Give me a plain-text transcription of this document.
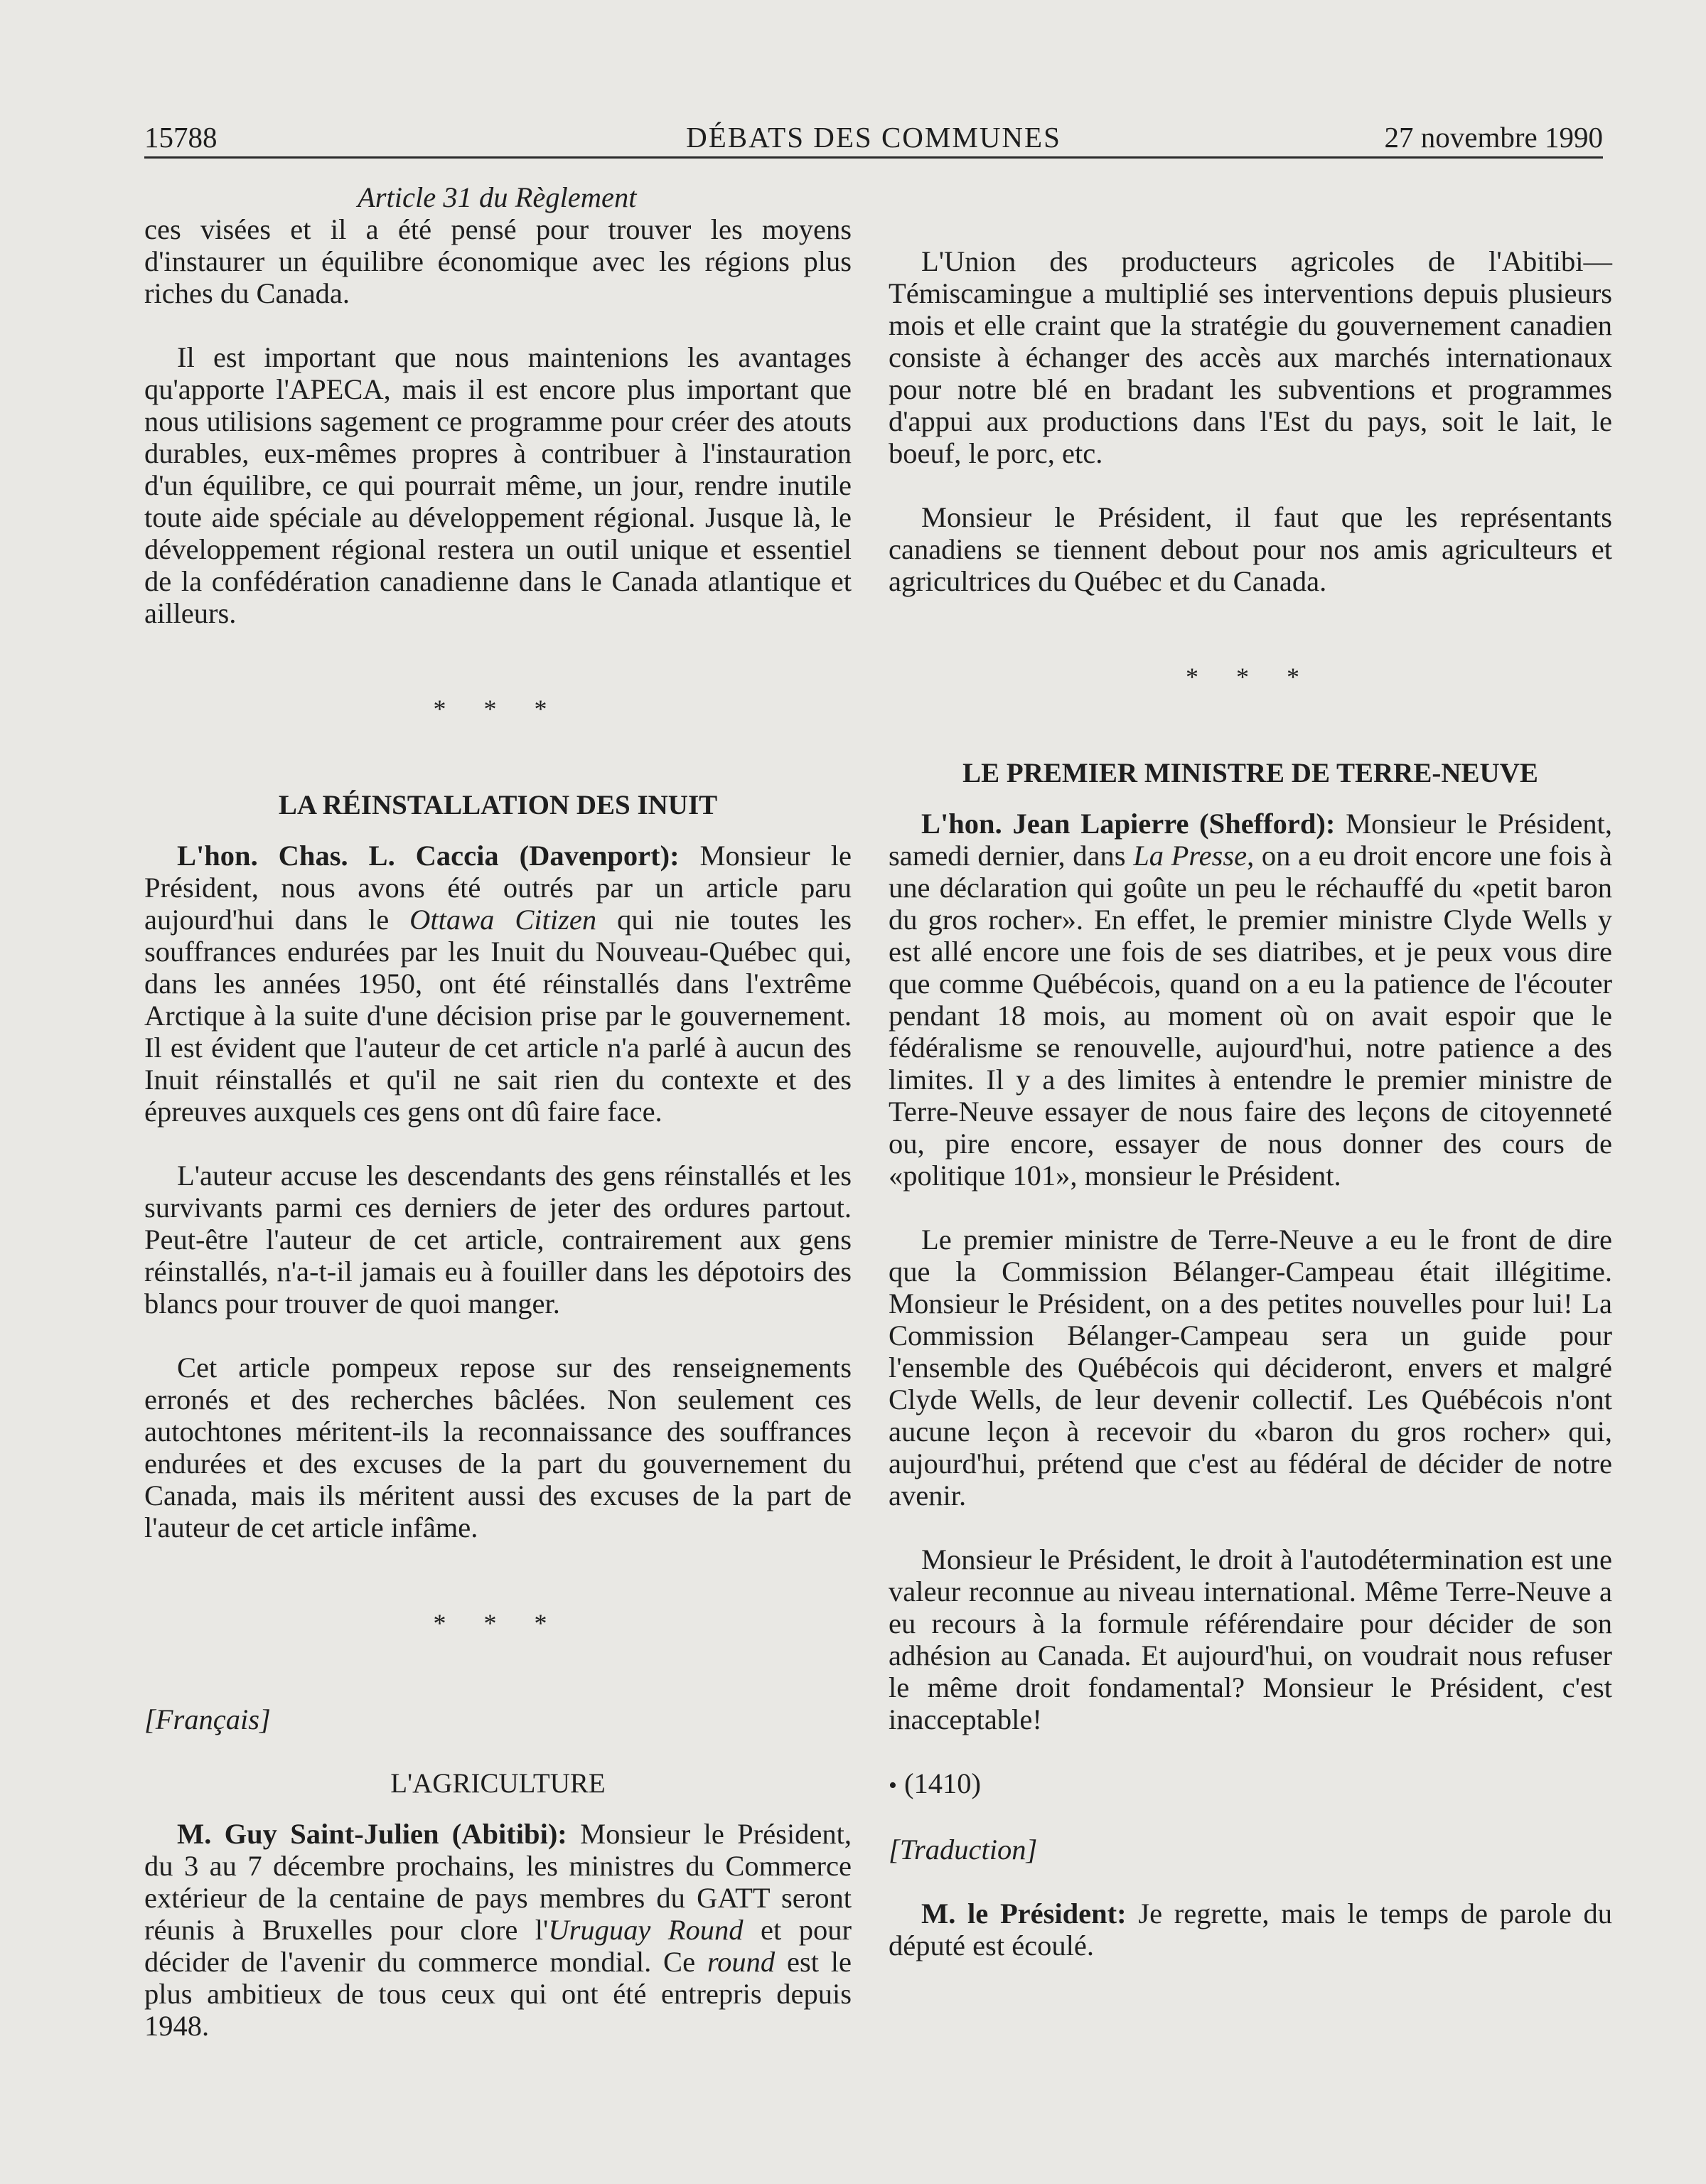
15788	DÉBATS DES COMMUNES	27 novembre 1990

Article 31 du Règlement

ces visées et il a été pensé pour trouver les moyens d'instaurer un équilibre économique avec les régions plus riches du Canada.

Il est important que nous maintenions les avantages qu'apporte l'APECA, mais il est encore plus important que nous utilisions sagement ce programme pour créer des atouts durables, eux-mêmes propres à contribuer à l'instauration d'un équilibre, ce qui pourrait même, un jour, rendre inutile toute aide spéciale au développement régional. Jusque là, le développement régional restera un outil unique et essentiel de la confédération canadienne dans le Canada atlantique et ailleurs.

* * *

LA RÉINSTALLATION DES INUIT

L'hon. Chas. L. Caccia (Davenport): Monsieur le Président, nous avons été outrés par un article paru aujourd'hui dans le Ottawa Citizen qui nie toutes les souffrances endurées par les Inuit du Nouveau-Québec qui, dans les années 1950, ont été réinstallés dans l'extrême Arctique à la suite d'une décision prise par le gouvernement. Il est évident que l'auteur de cet article n'a parlé à aucun des Inuit réinstallés et qu'il ne sait rien du contexte et des épreuves auxquels ces gens ont dû faire face.

L'auteur accuse les descendants des gens réinstallés et les survivants parmi ces derniers de jeter des ordures partout. Peut-être l'auteur de cet article, contrairement aux gens réinstallés, n'a-t-il jamais eu à fouiller dans les dépotoirs des blancs pour trouver de quoi manger.

Cet article pompeux repose sur des renseignements erronés et des recherches bâclées. Non seulement ces autochtones méritent-ils la reconnaissance des souffrances endurées et des excuses de la part du gouvernement du Canada, mais ils méritent aussi des excuses de la part de l'auteur de cet article infâme.

* * *

[Français]

L'AGRICULTURE

M. Guy Saint-Julien (Abitibi): Monsieur le Président, du 3 au 7 décembre prochains, les ministres du Commerce extérieur de la centaine de pays membres du GATT seront réunis à Bruxelles pour clore l'Uruguay Round et pour décider de l'avenir du commerce mondial. Ce round est le plus ambitieux de tous ceux qui ont été entrepris depuis 1948.

L'Union des producteurs agricoles de l'Abitibi—Témiscamingue a multiplié ses interventions depuis plusieurs mois et elle craint que la stratégie du gouvernement canadien consiste à échanger des accès aux marchés internationaux pour notre blé en bradant les subventions et programmes d'appui aux productions dans l'Est du pays, soit le lait, le boeuf, le porc, etc.

Monsieur le Président, il faut que les représentants canadiens se tiennent debout pour nos amis agriculteurs et agricultrices du Québec et du Canada.

* * *

LE PREMIER MINISTRE DE TERRE-NEUVE

L'hon. Jean Lapierre (Shefford): Monsieur le Président, samedi dernier, dans La Presse, on a eu droit encore une fois à une déclaration qui goûte un peu le réchauffé du «petit baron du gros rocher». En effet, le premier ministre Clyde Wells y est allé encore une fois de ses diatribes, et je peux vous dire que comme Québécois, quand on a eu la patience de l'écouter pendant 18 mois, au moment où on avait espoir que le fédéralisme se renouvelle, aujourd'hui, notre patience a des limites. Il y a des limites à entendre le premier ministre de Terre-Neuve essayer de nous faire des leçons de citoyenneté ou, pire encore, essayer de nous donner des cours de «politique 101», monsieur le Président.

Le premier ministre de Terre-Neuve a eu le front de dire que la Commission Bélanger-Campeau était illégitime. Monsieur le Président, on a des petites nouvelles pour lui! La Commission Bélanger-Campeau sera un guide pour l'ensemble des Québécois qui décideront, envers et malgré Clyde Wells, de leur devenir collectif. Les Québécois n'ont aucune leçon à recevoir du «baron du gros rocher» qui, aujourd'hui, prétend que c'est au fédéral de décider de notre avenir.

Monsieur le Président, le droit à l'autodétermination est une valeur reconnue au niveau international. Même Terre-Neuve a eu recours à la formule référendaire pour décider de son adhésion au Canada. Et aujourd'hui, on voudrait nous refuser le même droit fondamental? Monsieur le Président, c'est inacceptable!

• (1410)

[Traduction]

M. le Président: Je regrette, mais le temps de parole du député est écoulé.
